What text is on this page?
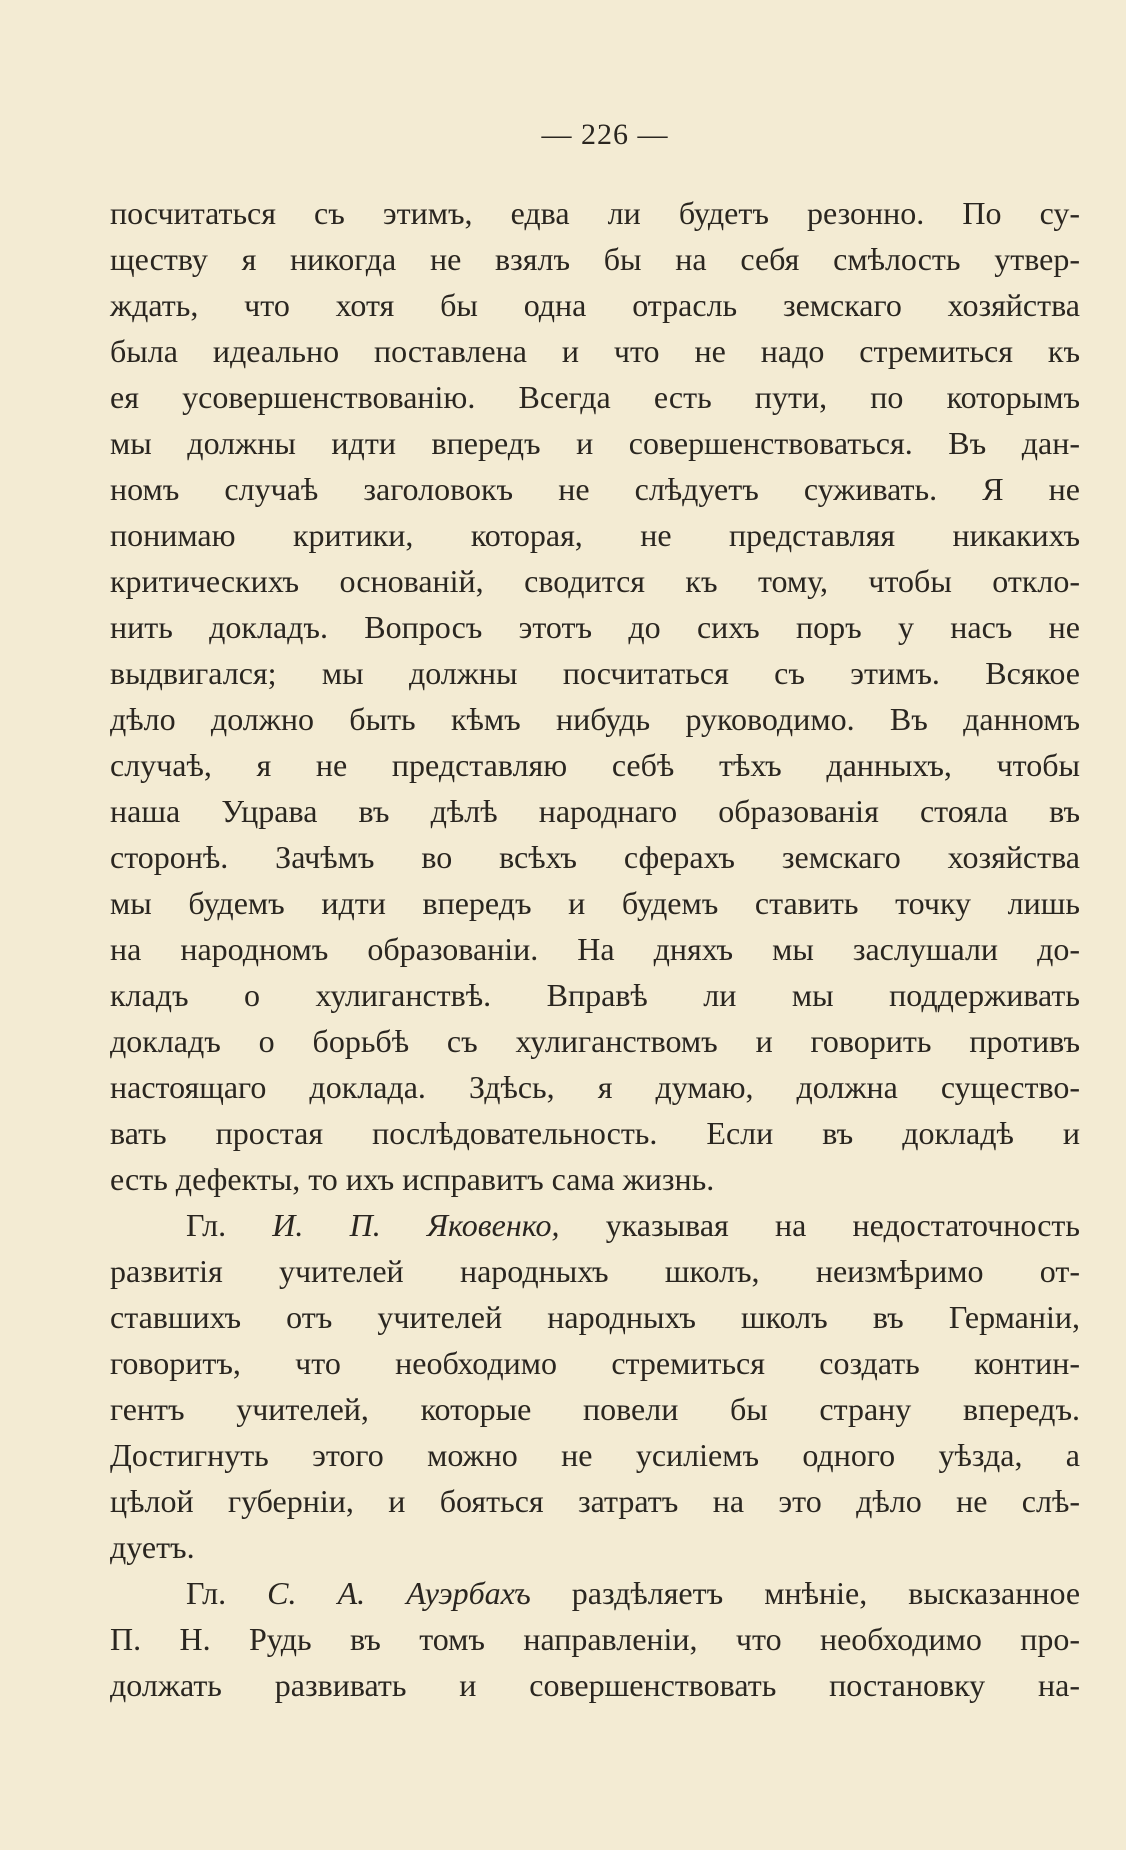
— 226 —
посчитаться съ этимъ, едва ли будетъ резонно. По су-
ществу я никогда не взялъ бы на себя смѣлость утвер-
ждать, что хотя бы одна отрасль земскаго хозяйства
была идеально поставлена и что не надо стремиться къ
ея усовершенствованiю. Всегда есть пути, по которымъ
мы должны идти впередъ и совершенствоваться. Въ дан-
номъ случаѣ заголовокъ не слѣдуетъ суживать. Я не
понимаю критики, которая, не представляя никакихъ
критическихъ основанiй, сводится къ тому, чтобы откло-
нить докладъ. Вопросъ этотъ до сихъ поръ у насъ не
выдвигался; мы должны посчитаться съ этимъ. Всякое
дѣло должно быть кѣмъ нибудь руководимо. Въ данномъ
случаѣ, я не представляю себѣ тѣхъ данныхъ, чтобы
наша Уцрава въ дѣлѣ народнаго образованiя стояла въ
сторонѣ. Зачѣмъ во всѣхъ сферахъ земскаго хозяйства
мы будемъ идти впередъ и будемъ ставить точку лишь
на народномъ образованiи. На дняхъ мы заслушали до-
кладъ о хулиганствѣ. Вправѣ ли мы поддерживать
докладъ о борьбѣ съ хулиганствомъ и говорить противъ
настоящаго доклада. Здѣсь, я думаю, должна существо-
вать простая послѣдовательность. Если въ докладѣ и
есть дефекты, то ихъ исправитъ сама жизнь.
Гл. И. П. Яковенко, указывая на недостаточность
развитiя учителей народныхъ школъ, неизмѣримо от-
ставшихъ отъ учителей народныхъ школъ въ Германiи,
говоритъ, что необходимо стремиться создать контин-
гентъ учителей, которые повели бы страну впередъ.
Достигнуть этого можно не усилiемъ одного уѣзда, а
цѣлой губернiи, и бояться затратъ на это дѣло не слѣ-
дуетъ.
Гл. С. А. Ауэрбахъ раздѣляетъ мнѣнiе, высказанное
П. Н. Рудь въ томъ направленiи, что необходимо про-
должать развивать и совершенствовать постановку на-
